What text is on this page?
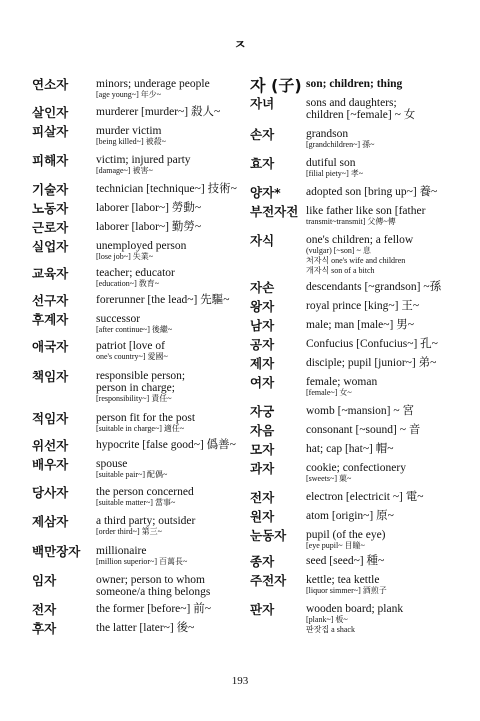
ㅈ
연소자	minors; underage people
[age young~] 年少~
살인자	murderer [murder~] 殺人~
피살자	murder victim
[being killed~] 被殺~
피해자	victim; injured party
[damage~] 被害~
기술자	technician [technique~] 技術~
노동자	laborer [labor~] 勞動~
근로자	laborer [labor~] 勤勞~
실업자	unemployed person
[lose job~] 失業~
교육자	teacher; educator
[education~] 敎育~
선구자	forerunner [the lead~] 先驅~
후계자	successor
[after continue~] 後繼~
애국자	patriot [love of
one's country~] 愛國~
책임자	responsible person;
person in charge;
[responsibility~] 責任~
적임자	person fit for the post
[suitable in charge~] 適任~
위선자	hypocrite [false good~] 僞善~
배우자	spouse
[suitable pair~] 配偶~
당사자	the person concerned
[suitable matter~] 當事~
제삼자	a third party; outsider
[order third~] 第三~
백만장자	millionaire
[million superior~] 百萬長~
임자	owner; person to whom
someone/a thing belongs
전자	the former [before~] 前~
후자	the latter [later~] 後~
자 (子) son; children; thing
자녀	sons and daughters;
children [~female] ~ 女
손자	grandson
[grandchildren~] 孫~
효자	dutiful son
[filial piety~] 孝~
양자*	adopted son [bring up~] 養~
부전자전 like father like son [father
transmit~transmit] 父傳~傳
자식	one's children; a fellow
(vulgar) [~son] ~ 息
처자식 one's wife and children
개자식 son of a bitch
자손	descendants [~grandson] ~孫
왕자	royal prince [king~] 王~
남자	male; man [male~] 男~
공자	Confucius [Confucius~] 孔~
제자	disciple; pupil [junior~] 弟~
여자	female; woman
[female~] 女~
자궁	womb [~mansion] ~ 宮
자음	consonant [~sound] ~ 音
모자	hat; cap [hat~] 帽~
과자	cookie; confectionery
[sweets~] 菓~
전자	electron [electricit ~] 電~
원자	atom [origin~] 原~
눈동자	pupil (of the eye)
[eye pupil~ 目瞳~
종자	seed [seed~] 種~
주전자	kettle; tea kettle
[liquor simmer~] 酒煎子
판자	wooden board; plank
[plank~] 板~
판잣집 a shack
193
